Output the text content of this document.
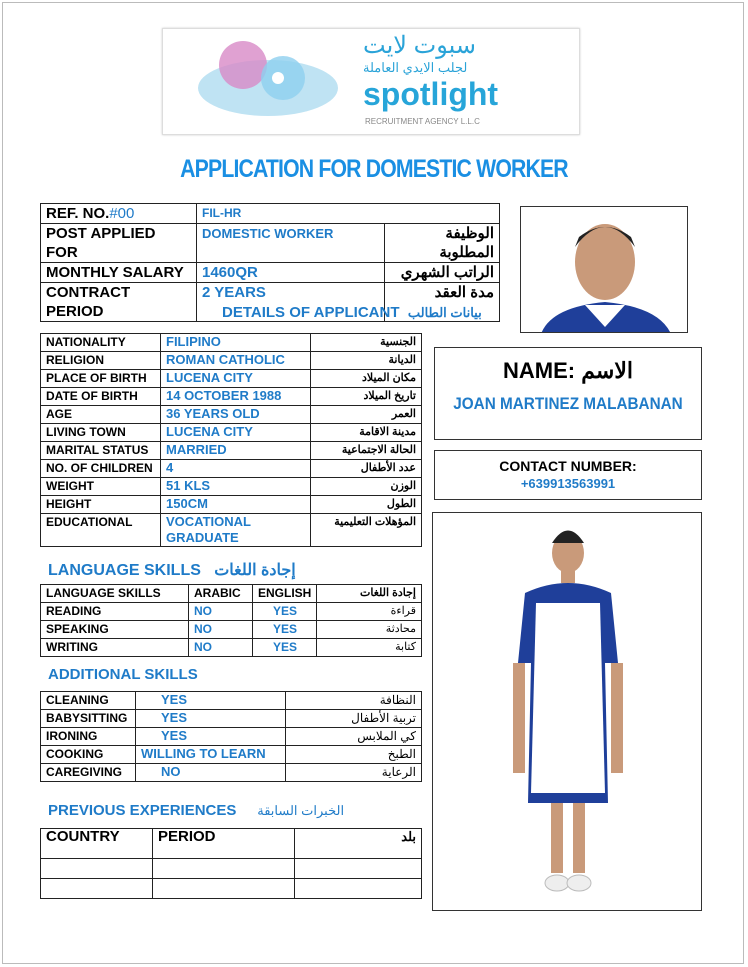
سبوت لايت
لجلب الايدي العاملة
spotlight
RECRUITMENT AGENCY L.L.C
APPLICATION FOR DOMESTIC WORKER
REF. NO.#00	FIL-HR	
POST APPLIED FOR	DOMESTIC WORKER	الوظيفة المطلوبة
MONTHLY SALARY	1460QR	الراتب الشهري
CONTRACT PERIOD	2 YEARS	مدة العقد
DETAILS OF APPLICANT بيانات الطالب
NATIONALITY	FILIPINO	الجنسية
RELIGION	ROMAN CATHOLIC	الديانة
PLACE OF BIRTH	LUCENA CITY	مكان الميلاد
DATE OF BIRTH	14 OCTOBER 1988	تاريخ الميلاد
AGE	36 YEARS OLD	العمر
LIVING TOWN	LUCENA CITY	مدينة الاقامة
MARITAL STATUS	MARRIED	الحالة الاجتماعية
NO. OF CHILDREN	4	عدد الأطفال
WEIGHT	51 KLS	الوزن
HEIGHT	150CM	الطول
EDUCATIONAL	VOCATIONAL GRADUATE	المؤهلات التعليمية
NAME: الاسم
JOAN MARTINEZ MALABANAN
CONTACT NUMBER:
+639913563991
LANGUAGE SKILLS إجادة اللغات
LANGUAGE SKILLS	ARABIC	ENGLISH	إجادة اللغات
READING	NO	YES	قراءة
SPEAKING	NO	YES	محادثة
WRITING	NO	YES	كتابة
ADDITIONAL SKILLS
CLEANING	YES	النظافة
BABYSITTING	YES	تربية الأطفال
IRONING	YES	كي الملابس
COOKING	WILLING TO LEARN	الطبخ
CAREGIVING	NO	الرعاية
PREVIOUS EXPERIENCES الخبرات السابقة
COUNTRY	PERIOD	بلد
